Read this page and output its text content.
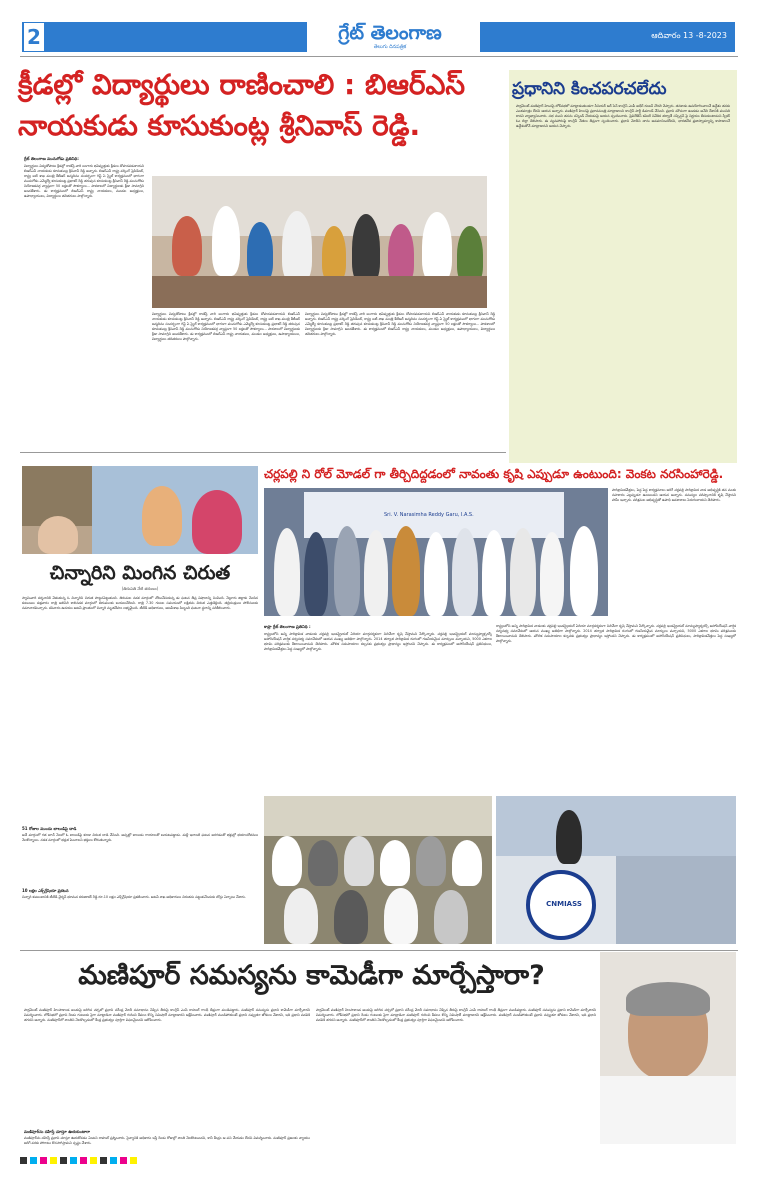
2	గ్రేట్ తెలంగాణ
తెలుగు దినపత్రిక
ఆదివారం 13 -8-2023
క్రీడల్లో విద్యార్థులు రాణించాలి : బిఆర్ఎస్ నాయకుడు కూసుకుంట్ల శ్రీనివాస్ రెడ్డి.
గ్రేట్ తెలంగాణ మునుగోడు ప్రతినిధి:
విద్యార్థులు విద్యతోపాటు క్రీడల్లో రాణిస్తే వారి బంగారు భవిష్యత్తుకు క్రీడలు దోహదపడతాయని బిఆర్ఎస్ నాయకుడు కూసుకుంట్ల శ్రీనివాస్ రెడ్డి అన్నారు. బిఆర్ఎస్ రాష్ట్ర వర్కింగ్ ప్రెసిడెంట్, రాష్ట్ర ఐటీ శాఖ మంత్రి కేటీఆర్ జన్మదినం సందర్భంగా గిఫ్ట్ ఏ స్మైల్ కార్యక్రమంలో భాగంగా మునుగోడు ఎమ్మెల్యే కూసుకుంట్ల ప్రభాకర్ రెడ్డి తరుపున కూసుకుంట్ల శ్రీనివాస్ రెడ్డి మునుగోడు నియోజకవర్గ వ్యాప్తంగా 50 లక్షలతో సౌకర్యాలు... పాఠశాలలో విద్యార్థులకు క్రీడా సామాగ్రిని అందజేశారు. ఈ కార్యక్రమంలో బిఆర్ఎస్ రాష్ట్ర నాయకులు, మండల అధ్యక్షులు, ఉపాధ్యాయులు, విద్యార్థులు తదితరులు పాల్గొన్నారు.
విద్యార్థులు విద్యతోపాటు క్రీడల్లో రాణిస్తే వారి బంగారు భవిష్యత్తుకు క్రీడలు దోహదపడతాయని బిఆర్ఎస్ నాయకుడు కూసుకుంట్ల శ్రీనివాస్ రెడ్డి అన్నారు. బిఆర్ఎస్ రాష్ట్ర వర్కింగ్ ప్రెసిడెంట్, రాష్ట్ర ఐటీ శాఖ మంత్రి కేటీఆర్ జన్మదినం సందర్భంగా గిఫ్ట్ ఏ స్మైల్ కార్యక్రమంలో భాగంగా మునుగోడు ఎమ్మెల్యే కూసుకుంట్ల ప్రభాకర్ రెడ్డి తరుపున కూసుకుంట్ల శ్రీనివాస్ రెడ్డి మునుగోడు నియోజకవర్గ వ్యాప్తంగా 50 లక్షలతో సౌకర్యాలు... పాఠశాలలో విద్యార్థులకు క్రీడా సామాగ్రిని అందజేశారు. ఈ కార్యక్రమంలో బిఆర్ఎస్ రాష్ట్ర నాయకులు, మండల అధ్యక్షులు, ఉపాధ్యాయులు, విద్యార్థులు తదితరులు పాల్గొన్నారు.
విద్యార్థులు విద్యతోపాటు క్రీడల్లో రాణిస్తే వారి బంగారు భవిష్యత్తుకు క్రీడలు దోహదపడతాయని బిఆర్ఎస్ నాయకుడు కూసుకుంట్ల శ్రీనివాస్ రెడ్డి అన్నారు. బిఆర్ఎస్ రాష్ట్ర వర్కింగ్ ప్రెసిడెంట్, రాష్ట్ర ఐటీ శాఖ మంత్రి కేటీఆర్ జన్మదినం సందర్భంగా గిఫ్ట్ ఏ స్మైల్ కార్యక్రమంలో భాగంగా మునుగోడు ఎమ్మెల్యే కూసుకుంట్ల ప్రభాకర్ రెడ్డి తరుపున కూసుకుంట్ల శ్రీనివాస్ రెడ్డి మునుగోడు నియోజకవర్గ వ్యాప్తంగా 50 లక్షలతో సౌకర్యాలు... పాఠశాలలో విద్యార్థులకు క్రీడా సామాగ్రిని అందజేశారు. ఈ కార్యక్రమంలో బిఆర్ఎస్ రాష్ట్ర నాయకులు, మండల అధ్యక్షులు, ఉపాధ్యాయులు, విద్యార్థులు తదితరులు పాల్గొన్నారు.
ప్రధానిని కించపరచలేదు
పార్లమెంట్ మణిపూర్ హింసపై లోక్‌సభలో మాట్లాడుతుండగా సీనియర్ ఆర్ సెన్ కాంగ్రెస్ ఎంపీ అధీర్ రంజన్ చౌదరి చెప్పారు. తనకాడు ఉపయోగించాలనే ఉద్దేశం తనకు ఎంతమాత్రం లేదని ఆయన అన్నారు. మణిపూర్ హింసపై ప్రధానమంత్రి మాట్లాడాలని కాంగ్రెస్ పార్టీ డిమాండ్ చేసింది. ప్రధాని మౌనంగా ఉండడం అనేది దేశానికి మంచిది కాదని వ్యాఖ్యానించారు. సభ నుంచి తనను సస్పెండ్ చేయడంపై ఆయన స్పందించారు. ప్రివిలేజెస్ కమిటీ నివేదిక తర్వాతే సస్పెన్షన్ పై నిర్ణయం తీసుకుంటామని స్పీకర్ ఓం బిర్లా తెలిపారు. ఈ వ్యవహారంపై కాంగ్రెస్ నేతలు తీవ్రంగా స్పందించారు. ప్రధాని మోదీని తాను అవమానించలేదని, భారతదేశ ప్రజాస్వామ్యాన్ని కాపాడాలనే ఉద్దేశంతోనే మాట్లాడానని ఆయన చెప్పారు.
చిన్నారిని మింగిన చిరుత
(తిరుపతి నేటి తరుణం)
స్వామివారి దర్శనానికి వెళుతున్న ఓ చిన్నారిని చిరుత పొట్టనపెట్టుకుంది. తిరుమల నడక మార్గంలో చోటుచేసుకున్న ఈ ఘటన తీవ్ర విషాదాన్ని నింపింది. నెల్లూరు జిల్లాకు చెందిన కుటుంబం శుక్రవారం రాత్రి అలిపిరి కాలినడక మార్గంలో తిరుమలకు బయలుదేరింది. రాత్రి 7.30 గంటల సమయంలో లక్షితను చిరుత ఎత్తుకెళ్లింది. తల్లిదండ్రులు పోలీసులకు సమాచారమిచ్చారు. శనివారం ఉదయం అటవీ ప్రాంతంలో చిన్నారి మృతదేహం లభ్యమైంది. టీటీడీ అధికారులు, అటవీశాఖ సిబ్బంది ఘటనా స్థలాన్ని పరిశీలించారు.
51 రోజుల ముందు బాలుడిపై దాడి
అదే మార్గంలో గత జూన్ నెలలో ఓ బాలుడిపై కూడా చిరుత దాడి చేసింది. అప్పట్లో బాలుడు గాయాలతో బయటపడ్డాడు. మళ్లీ ఇలాంటి ఘటన జరగడంతో భక్తుల్లో భయాందోళనలు నెలకొన్నాయి. నడక మార్గంలో భద్రత పెంచాలని భక్తులు కోరుతున్నారు.
10 లక్షల ఎక్స్‌గ్రేషియా ప్రకటన
చిన్నారి కుటుంబానికి టీటీడీ చైర్మన్ భూమన కరుణాకర్ రెడ్డి రూ.10 లక్షల ఎక్స్‌గ్రేషియా ప్రకటించారు. అటవీ శాఖ అధికారులు చిరుతను పట్టుకునేందుకు బోన్లు ఏర్పాటు చేశారు.
చర్లపల్లి ని రోల్ మోడల్ గా తీర్చిదిద్దడంలో నావంతు కృషి ఎప్పుడూ ఉంటుంది: వెంకట నరసింహారెడ్డి.
Sri. V. Narasimha Reddy Garu, I.A.S.
పారిశ్రామికవేత్తలు, పెద్ద పెద్ద కార్యక్రమాలు జరిగే చర్లపల్లి పారిశ్రామిక వాడ అభివృద్ధికి తన వంతు సహకారం ఎల్లప్పుడూ ఉంటుందని ఆయన అన్నారు. సమస్యల పరిష్కారానికి కృషి చేస్తానని హామీ ఇచ్చారు. పరిశ్రమల అభివృద్ధితో ఉపాధి అవకాశాలు పెరుగుతాయని తెలిపారు.
కాప్రా గ్రేట్ తెలంగాణ ప్రతినిధి :
రాష్ట్రంలోని అన్ని పారిశ్రామిక వాడలకు చర్లపల్లి ఇండస్ట్రియల్ ఏరియా మార్గదర్శకంగా నిలిచేలా కృషి చేస్తామని పేర్కొన్నారు. చర్లపల్లి ఇండస్ట్రియల్ మాన్యుఫ్యాక్చరర్స్ అసోసియేషన్ వార్షిక సర్వసభ్య సమావేశంలో ఆయన ముఖ్య అతిథిగా పాల్గొన్నారు. 2014 తర్వాత పారిశ్రామిక రంగంలో గణనీయమైన మార్పులు వచ్చాయని, 5000 ఎకరాల భూమి పరిశ్రమలకు కేటాయించామని తెలిపారు. మౌలిక సదుపాయాల కల్పనకు ప్రభుత్వం ప్రాధాన్యం ఇస్తోందని చెప్పారు. ఈ కార్యక్రమంలో అసోసియేషన్ ప్రతినిధులు, పారిశ్రామికవేత్తలు పెద్ద సంఖ్యలో పాల్గొన్నారు.
రాష్ట్రంలోని అన్ని పారిశ్రామిక వాడలకు చర్లపల్లి ఇండస్ట్రియల్ ఏరియా మార్గదర్శకంగా నిలిచేలా కృషి చేస్తామని పేర్కొన్నారు. చర్లపల్లి ఇండస్ట్రియల్ మాన్యుఫ్యాక్చరర్స్ అసోసియేషన్ వార్షిక సర్వసభ్య సమావేశంలో ఆయన ముఖ్య అతిథిగా పాల్గొన్నారు. 2014 తర్వాత పారిశ్రామిక రంగంలో గణనీయమైన మార్పులు వచ్చాయని, 5000 ఎకరాల భూమి పరిశ్రమలకు కేటాయించామని తెలిపారు. మౌలిక సదుపాయాల కల్పనకు ప్రభుత్వం ప్రాధాన్యం ఇస్తోందని చెప్పారు. ఈ కార్యక్రమంలో అసోసియేషన్ ప్రతినిధులు, పారిశ్రామికవేత్తలు పెద్ద సంఖ్యలో పాల్గొన్నారు.
CNMIASS
మణిపూర్ సమస్యను కామెడీగా మార్చేస్తారా?
పార్లమెంట్ మణిపూర్ హింసాకాండ అంశంపై జరిగిన చర్చలో ప్రధాని నరేంద్ర మోదీ సమాధానం చెప్పిన తీరుపై కాంగ్రెస్ ఎంపీ రాహుల్ గాంధీ తీవ్రంగా మండిపడ్డారు. మణిపూర్ సమస్యను ప్రధాని కామెడీగా మార్చేశారని విమర్శించారు. లోక్‌సభలో ప్రధాని రెండు గంటలకు పైగా మాట్లాడినా మణిపూర్ గురించి కేవలం కొన్ని నిమిషాలే మాట్లాడారని ఆక్షేపించారు. మణిపూర్ మండిపోతుంటే ప్రధాని నవ్వుతూ జోకులు వేశారని, ఇది ప్రధాని పదవికి తగదని అన్నారు. మణిపూర్‌లో శాంతిని నెలకొల్పడంలో కేంద్ర ప్రభుత్వం పూర్తిగా విఫలమైందని ఆరోపించారు.
మణిపూర్‌ను దహిస్తే చూస్తూ ఊరుకుంటారా
మణిపూర్‌ను దహిస్తే ప్రధాని చూస్తూ ఊరుకోవడం ఏంటని రాహుల్ ప్రశ్నించారు. సైన్యానికి అధికారం ఇస్తే రెండు రోజుల్లో శాంతి నెలకొంటుందని, కానీ కేంద్రం ఆ పని చేయడం లేదని విమర్శించారు. మణిపూర్ ప్రజలకు న్యాయం జరిగే వరకు పోరాటం కొనసాగిస్తామని స్పష్టం చేశారు.
పార్లమెంట్ మణిపూర్ హింసాకాండ అంశంపై జరిగిన చర్చలో ప్రధాని నరేంద్ర మోదీ సమాధానం చెప్పిన తీరుపై కాంగ్రెస్ ఎంపీ రాహుల్ గాంధీ తీవ్రంగా మండిపడ్డారు. మణిపూర్ సమస్యను ప్రధాని కామెడీగా మార్చేశారని విమర్శించారు. లోక్‌సభలో ప్రధాని రెండు గంటలకు పైగా మాట్లాడినా మణిపూర్ గురించి కేవలం కొన్ని నిమిషాలే మాట్లాడారని ఆక్షేపించారు. మణిపూర్ మండిపోతుంటే ప్రధాని నవ్వుతూ జోకులు వేశారని, ఇది ప్రధాని పదవికి తగదని అన్నారు. మణిపూర్‌లో శాంతిని నెలకొల్పడంలో కేంద్ర ప్రభుత్వం పూర్తిగా విఫలమైందని ఆరోపించారు.
